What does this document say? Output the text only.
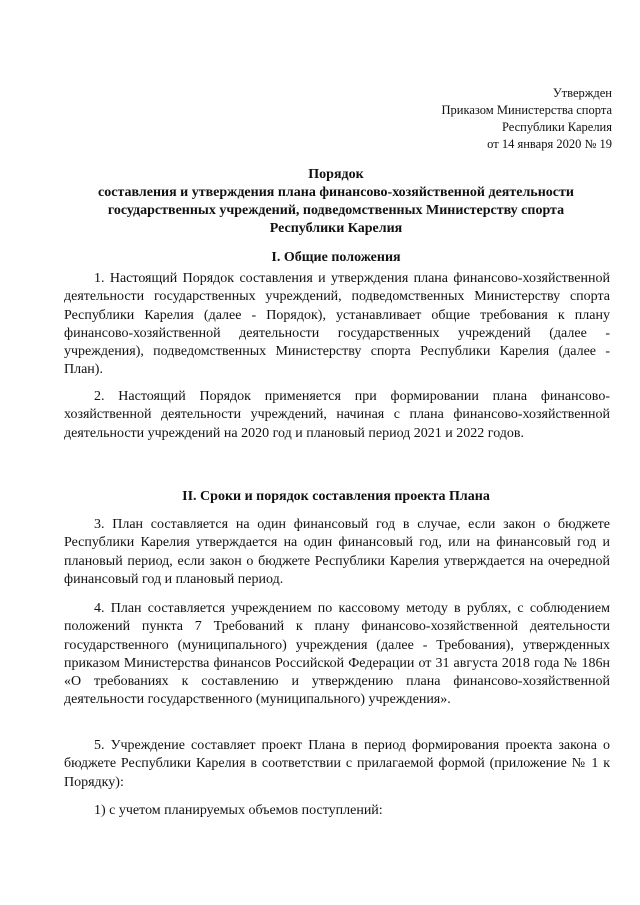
Утвержден
Приказом Министерства спорта
Республики Карелия
от 14 января 2020 № 19
Порядок
составления и утверждения плана финансово-хозяйственной деятельности
государственных учреждений, подведомственных Министерству спорта
Республики Карелия
I. Общие положения

1. Настоящий Порядок составления и утверждения плана финансово-хозяйственной деятельности государственных учреждений, подведомственных Министерству спорта Республики Карелия (далее - Порядок), устанавливает общие требования к плану финансово-хозяйственной деятельности государственных учреждений (далее - учреждения), подведомственных Министерству спорта Республики Карелия (далее - План).

2. Настоящий Порядок применяется при формировании плана финансово-хозяйственной деятельности учреждений, начиная с плана финансово-хозяйственной деятельности учреждений на 2020 год и плановый период 2021 и 2022 годов.

II. Сроки и порядок составления проекта Плана

3. План составляется на один финансовый год в случае, если закон о бюджете Республики Карелия утверждается на один финансовый год, или на финансовый год и плановый период, если закон о бюджете Республики Карелия утверждается на очередной финансовый год и плановый период.

4. План составляется учреждением по кассовому методу в рублях, с соблюдением положений пункта 7 Требований к плану финансово-хозяйственной деятельности государственного (муниципального) учреждения (далее - Требования), утвержденных приказом Министерства финансов Российской Федерации от 31 августа 2018 года № 186н «О требованиях к составлению и утверждению плана финансово-хозяйственной деятельности государственного (муниципального) учреждения».

5. Учреждение составляет проект Плана в период формирования проекта закона о бюджете Республики Карелия в соответствии с прилагаемой формой (приложение № 1 к Порядку):

1) с учетом планируемых объемов поступлений:
